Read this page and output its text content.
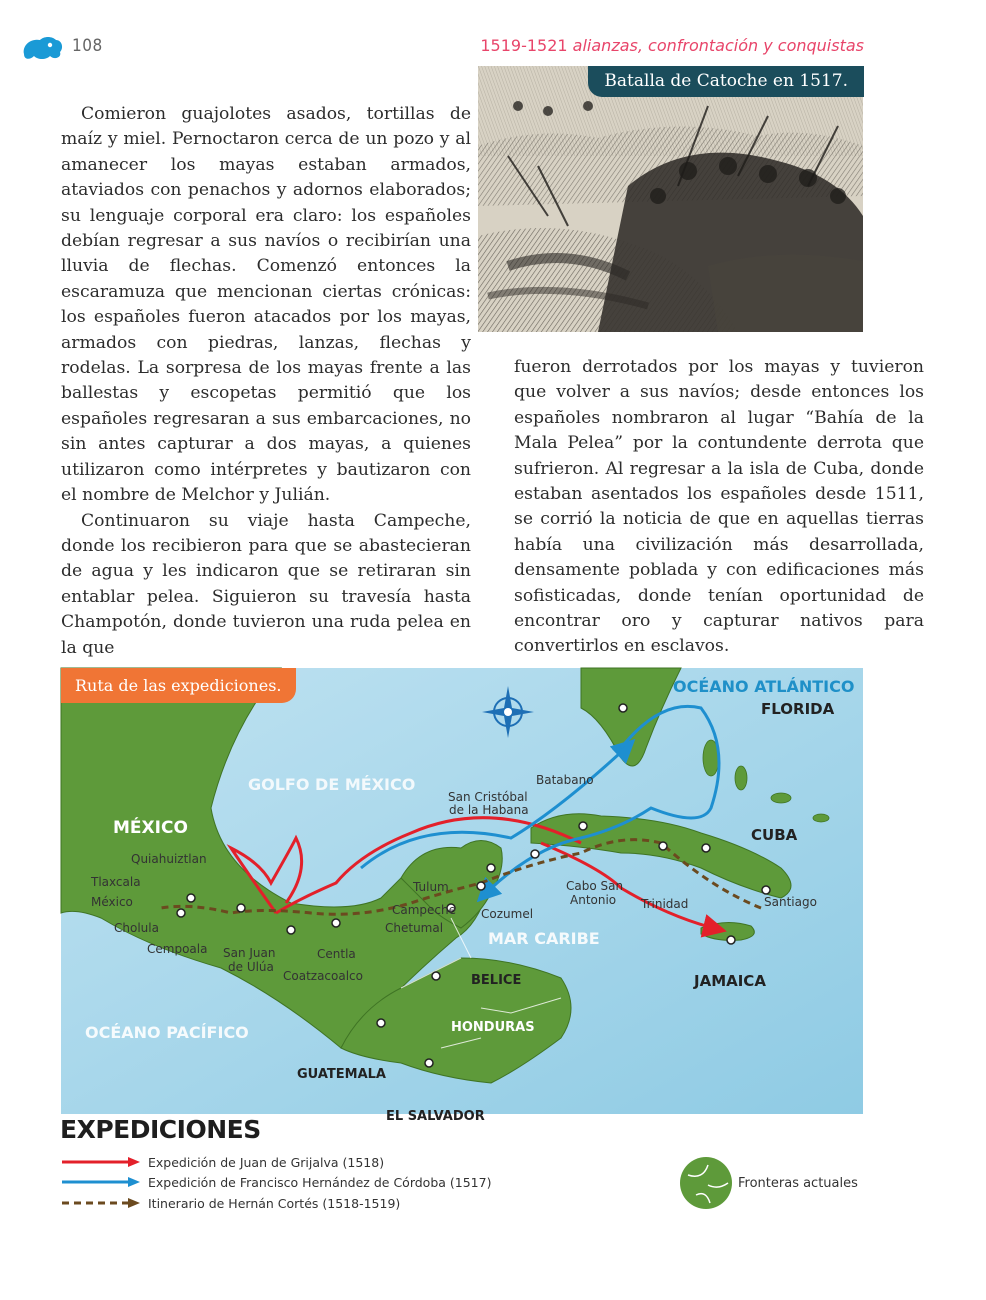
108	1519-1521 alianzas, confrontación y conquistas

Comieron guajolotes asados, tortillas de maíz y miel. Pernoctaron cerca de un pozo y al amanecer los mayas estaban armados, ataviados con penachos y adornos elaborados; su lenguaje corporal era claro: los españoles debían regresar a sus navíos o recibirían una lluvia de flechas. Comenzó entonces la escaramuza que mencionan ciertas crónicas: los españoles fueron atacados por los mayas, armados con piedras, lanzas, flechas y rodelas. La sorpresa de los mayas frente a las ballestas y escopetas permitió que los españoles regresaran a sus embarcaciones, no sin antes capturar a dos mayas, a quienes utilizaron como intérpretes y bautizaron con el nombre de Melchor y Julián.

Continuaron su viaje hasta Campeche, donde los recibieron para que se abastecieran de agua y les indicaron que se retiraran sin entablar pelea. Siguieron su travesía hasta Champotón, donde tuvieron una ruda pelea en la que

Batalla de Catoche en 1517.

fueron derrotados por los mayas y tuvieron que volver a sus navíos; desde entonces los españoles nombraron al lugar “Bahía de la Mala Pelea” por la contundente derrota que sufrieron. Al regresar a la isla de Cuba, donde estaban asentados los españoles desde 1511, se corrió la noticia de que en aquellas tierras había una civilización más desarrollada, densamente poblada y con edificaciones más sofisticadas, donde tenían oportunidad de encontrar oro y capturar nativos para convertirlos en esclavos.

OCÉANO ATLÁNTICO
GOLFO DE MÉXICO
MAR CARIBE
OCÉANO PACÍFICO
MÉXICO
FLORIDA
CUBA
JAMAICA
BELICE
HONDURAS
GUATEMALA
EL SALVADOR
Quiahuiztlan
Tlaxcala
México
Cholula
Cempoala San Juan
de Ulúa
Centla
Coatzacoalco
Campeche
Chetumal
Tulum
Cozumel
San Cristóbal
de la Habana
Batabano
Cabo San
Antonio Trinidad	Santiago
Ruta de las expediciones.
EXPEDICIONES
Expedición de Juan de Grijalva (1518)
Expedición de Francisco Hernández de Córdoba (1517)
Itinerario de Hernán Cortés (1518-1519)
Fronteras actuales
